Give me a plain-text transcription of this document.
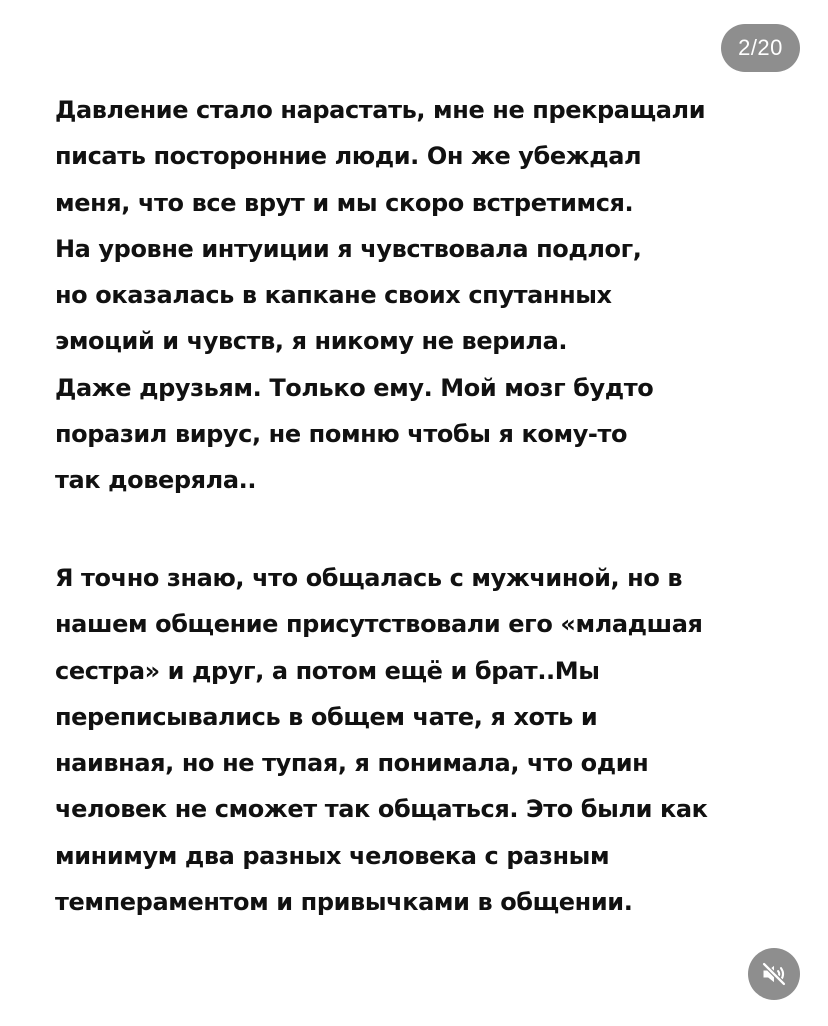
2/20
Давление стало нарастать, мне не прекращали
писать посторонние люди. Он же убеждал
меня, что все врут и мы скоро встретимся.
На уровне интуиции я чувствовала подлог,
но оказалась в капкане своих спутанных
эмоций и чувств, я никому не верила.
Даже друзьям. Только ему. Мой мозг будто
поразил вирус, не помню чтобы я кому-то
так доверяла..
Я точно знаю, что общалась с мужчиной, но в
нашем общение присутствовали его «младшая
сестра» и друг, а потом ещё и брат..Мы
переписывались в общем чате, я хоть и
наивная, но не тупая, я понимала, что один
человек не сможет так общаться. Это были как
минимум два разных человека с разным
темпераментом и привычками в общении.
